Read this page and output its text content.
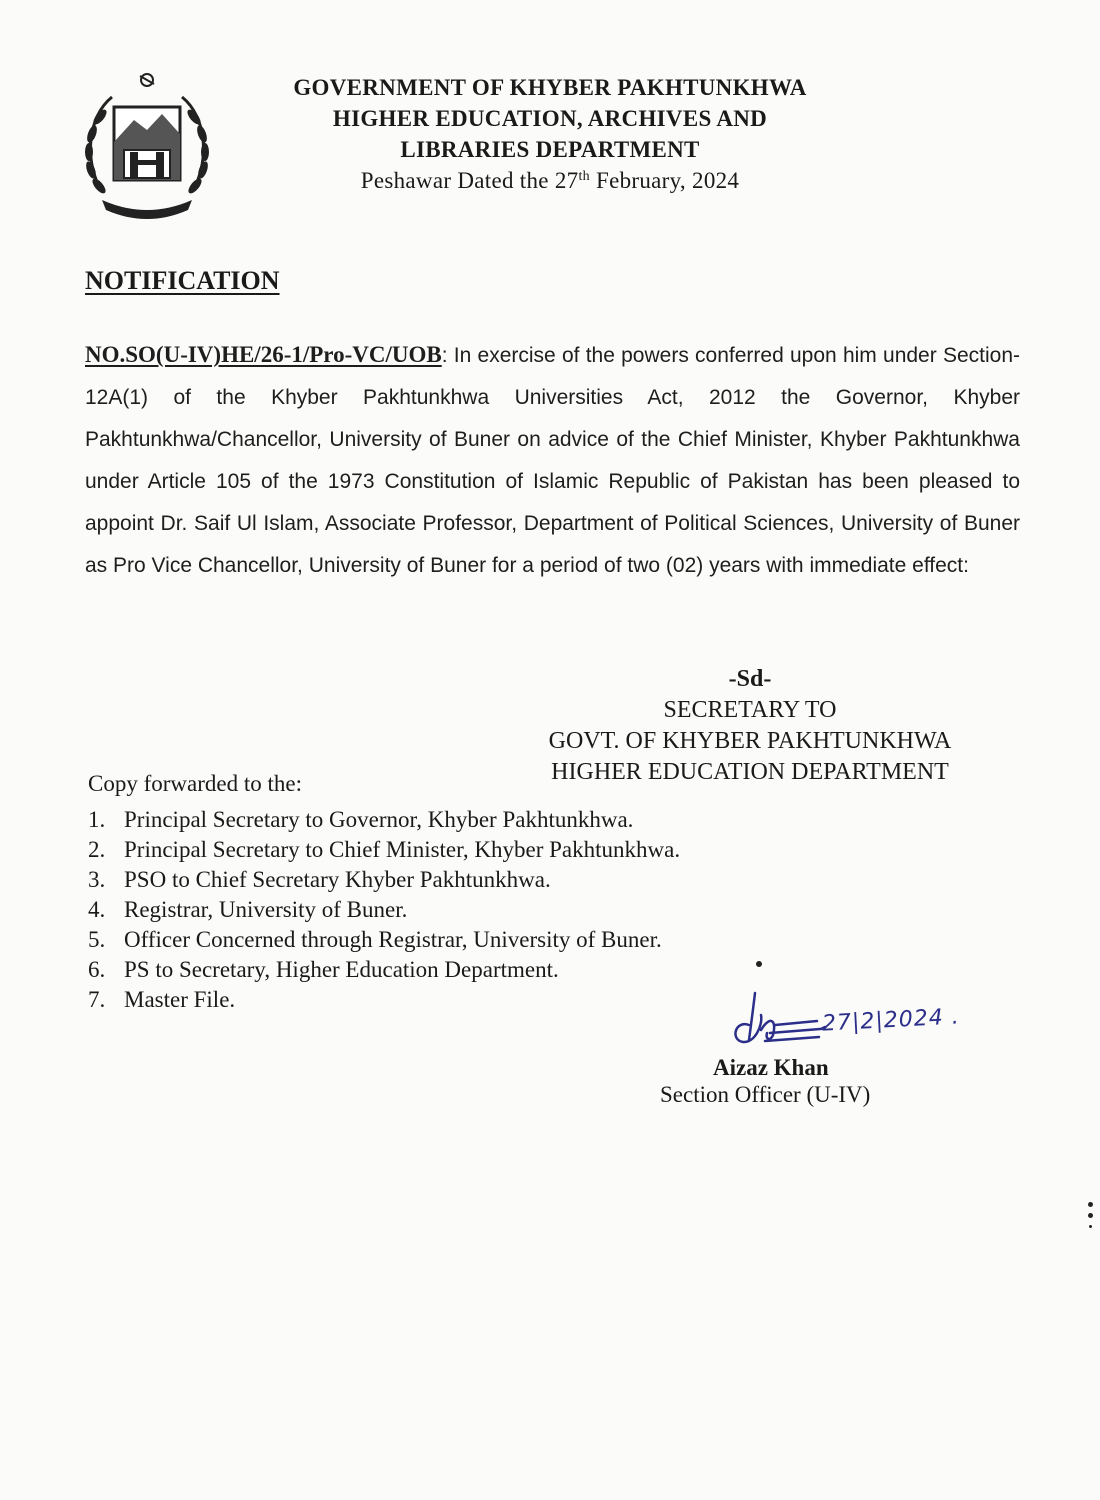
GOVERNMENT OF KHYBER PAKHTUNKHWA
HIGHER EDUCATION, ARCHIVES AND
LIBRARIES DEPARTMENT
Peshawar Dated the 27th February, 2024
NOTIFICATION
NO.SO(U-IV)HE/26-1/Pro-VC/UOB: In exercise of the powers conferred upon him under Section-12A(1) of the Khyber Pakhtunkhwa Universities Act, 2012 the Governor, Khyber Pakhtunkhwa/Chancellor, University of Buner on advice of the Chief Minister, Khyber Pakhtunkhwa under Article 105 of the 1973 Constitution of Islamic Republic of Pakistan has been pleased to appoint Dr. Saif Ul Islam, Associate Professor, Department of Political Sciences, University of Buner as Pro Vice Chancellor, University of Buner for a period of two (02) years with immediate effect:
-Sd-
SECRETARY TO
GOVT. OF KHYBER PAKHTUNKHWA
HIGHER EDUCATION DEPARTMENT
Copy forwarded to the:
1. Principal Secretary to Governor, Khyber Pakhtunkhwa.
2. Principal Secretary to Chief Minister, Khyber Pakhtunkhwa.
3. PSO to Chief Secretary Khyber Pakhtunkhwa.
4. Registrar, University of Buner.
5. Officer Concerned through Registrar, University of Buner.
6. PS to Secretary, Higher Education Department.
7. Master File.
27|2|2024 .
Aizaz Khan
Section Officer (U-IV)
